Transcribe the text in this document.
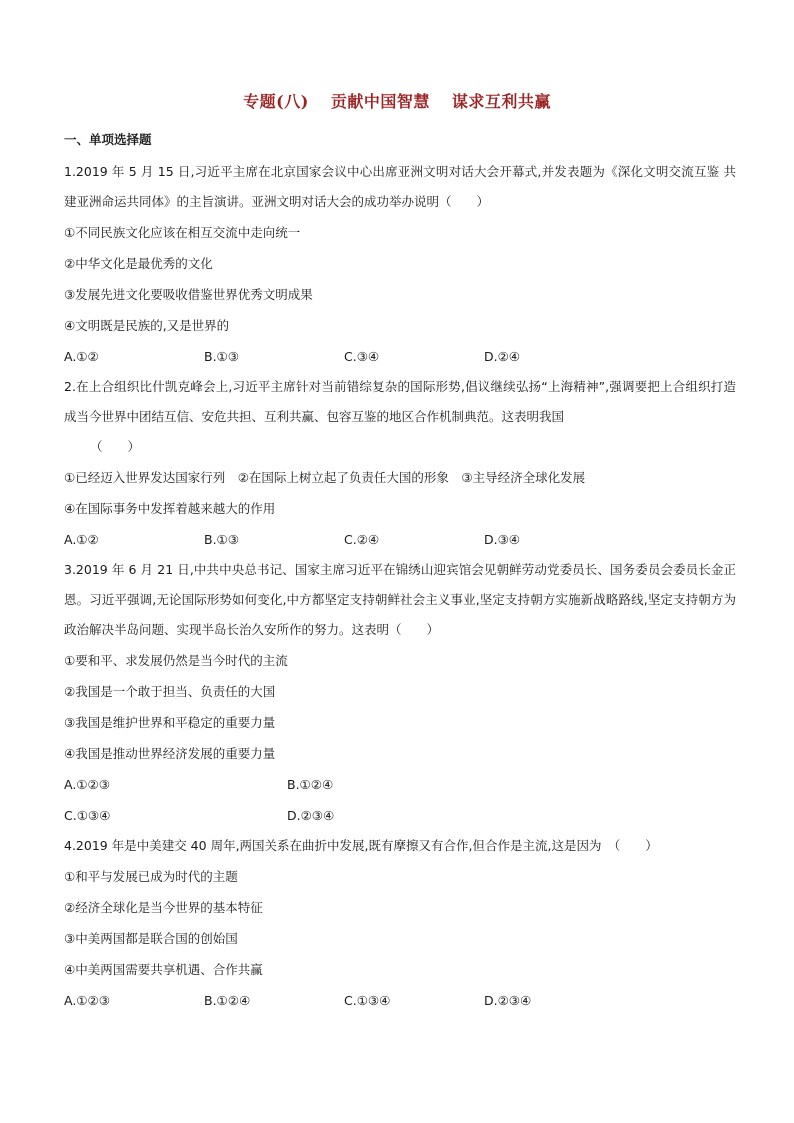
专题(八) 贡献中国智慧 谋求互利共赢
一、单项选择题

1.2019 年 5 月 15 日,习近平主席在北京国家会议中心出席亚洲文明对话大会开幕式,并发表题为《深化文明交流互鉴 共建亚洲命运共同体》的主旨演讲。亚洲文明对话大会的成功举办说明（　　）

①不同民族文化应该在相互交流中走向统一

②中华文化是最优秀的文化

③发展先进文化要吸收借鉴世界优秀文明成果

④文明既是民族的,又是世界的

A.①②	B.①③	C.③④	D.②④

2.在上合组织比什凯克峰会上,习近平主席针对当前错综复杂的国际形势,倡议继续弘扬“上海精神”,强调要把上合组织打造成当今世界中团结互信、安危共担、互利共赢、包容互鉴的地区合作机制典范。这表明我国
（　　）

①已经迈入世界发达国家行列　②在国际上树立起了负责任大国的形象　③主导经济全球化发展

④在国际事务中发挥着越来越大的作用

A.①②	B.①③	C.②④	D.③④

3.2019 年 6 月 21 日,中共中央总书记、国家主席习近平在锦绣山迎宾馆会见朝鲜劳动党委员长、国务委员会委员长金正恩。习近平强调,无论国际形势如何变化,中方都坚定支持朝鲜社会主义事业,坚定支持朝方实施新战略路线,坚定支持朝方为政治解决半岛问题、实现半岛长治久安所作的努力。这表明（　　）

①要和平、求发展仍然是当今时代的主流

②我国是一个敢于担当、负责任的大国

③我国是维护世界和平稳定的重要力量

④我国是推动世界经济发展的重要力量

A.①②③	B.①②④
C.①③④	D.②③④

4.2019 年是中美建交 40 周年,两国关系在曲折中发展,既有摩擦又有合作,但合作是主流,这是因为　（　　）

①和平与发展已成为时代的主题

②经济全球化是当今世界的基本特征

③中美两国都是联合国的创始国

④中美两国需要共享机遇、合作共赢

A.①②③	B.①②④	C.①③④	D.②③④
